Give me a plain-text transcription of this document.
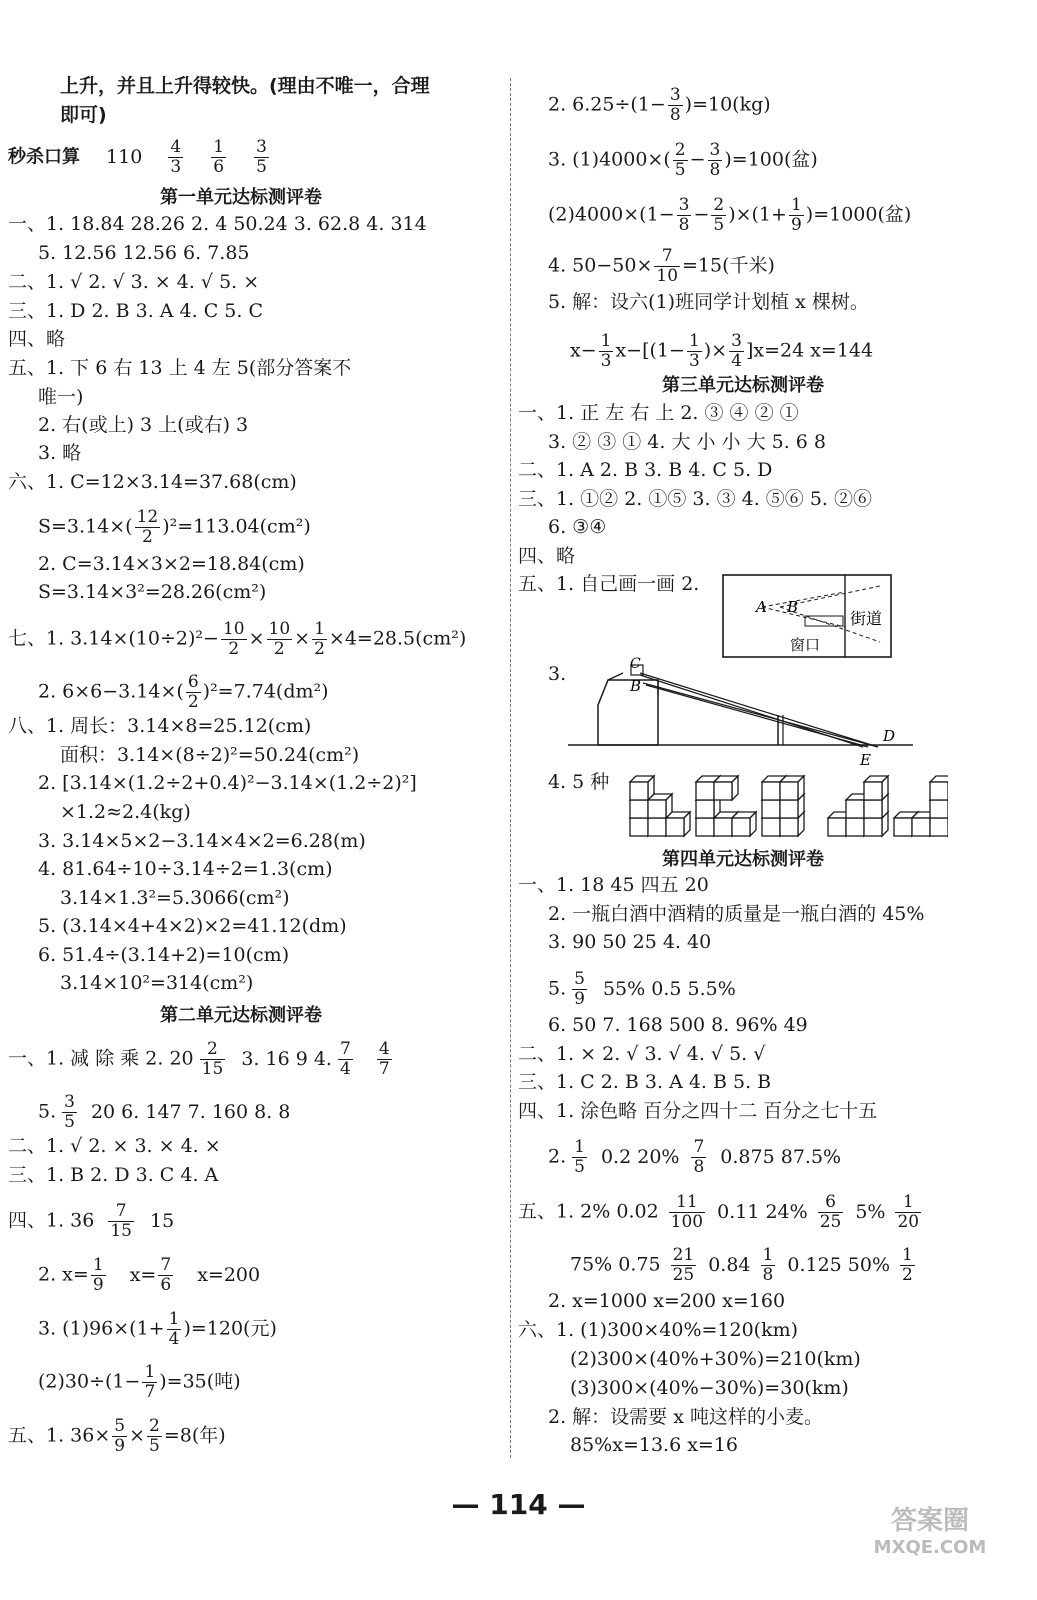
上升，并且上升得较快。(理由不唯一，合理
即可)
秒杀口算 $110 \frac{4}{3}$
$\frac{1}{6}$
$\frac{3}{5}$
第一单元达标测评卷
一、1. 18.84 28.26 2. 4 50.24 3. 62.8 4. 314
5. 12.56 12.56 6. 7.85
二、1. √ 2. √ 3. × 4. √ 5. ×
三、1. D 2. B 3. A 4. C 5. C
四、略
五、1. 下 6 右 13 上 4 左 5(部分答案不
唯一)
2. 右(或上) 3 上(或右) 3
3. 略
六、1. C=12×3.14=37.68(cm)
$S=3.14\times( \frac{12}{2} )^2=113.04(cm^2)$
2. C=3.14×3×2=18.84(cm)
S=3.14×3²=28.26(cm²)
七、1. $3.14\times(10\div 2)^2- \frac{10}{2} \times \frac{10}{2} \times \frac{1}{2} \times 4=28.5(cm^2)$
2. $6\times 6-3.14\times( \frac{6}{2} )^2=7.74(dm^2)$
八、1. 周长：3.14×8=25.12(cm)
面积：3.14×(8÷2)²=50.24(cm²)
2. [3.14×(1.2÷2+0.4)²−3.14×(1.2÷2)²]
×1.2≈2.4(kg)
3. 3.14×5×2−3.14×4×2=6.28(m)
4. 81.64÷10÷3.14÷2=1.3(cm)
3.14×1.3²=5.3066(cm²)
5. (3.14×4+4×2)×2=41.12(dm)
6. 51.4÷(3.14+2)=10(cm)
3.14×10²=314(cm²)
第二单元达标测评卷
一、1. 减 除 乘 2. $20 \frac{2}{15} 3$. 16 9 4. $\frac{7}{4}$
$\frac{4}{7}$
5. $\frac{3}{5} 20$ 6. 147 7. 160 8. 8
二、1. √ 2. × 3. × 4. ×
三、1. B 2. D 3. C 4. A
四、1. $36 \frac{7}{15} 15$
2. $x= \frac{1}{9} x= \frac{7}{6} x=200$
3. $(1)96\times(1+ \frac{1}{4} )=120$(元)
$(2)30\div(1- \frac{1}{7} )=35$(吨)
五、1. $36\times \frac{5}{9} \times \frac{2}{5} =8$(年)
2. $6.25\div(1- \frac{3}{8} )=10(kg)$
3. $(1)4000\times( \frac{2}{5} - \frac{3}{8} )=100$(盆)
$(2)4000\times(1- \frac{3}{8} - \frac{2}{5} )\times(1+ \frac{1}{9} )=1000$(盆)
4. $50-50\times \frac{7}{10} =15$(千米)
5. 解：设六(1)班同学计划植 x 棵树。
$x- \frac{1}{3} x-[(1- \frac{1}{3}$ )× $\frac{3}{4} ]x=24$ x=144
第三单元达标测评卷
一、1. 正 左 右 上 2. ③ ④ ② ①
3. ② ③ ① 4. 大 小 小 大 5. 6 8
二、1. A 2. B 3. B 4. C 5. D
三、1. ①② 2. ①⑤ 3. ③ 4. ⑤⑥ 5. ②⑥
6. ③④
四、略
五、1. 自己画一画 2.
A B
街道
窗口
3.
B
C
D
E
4. 5 种
第四单元达标测评卷
一、1. 18 45 四五 20
2. 一瓶白酒中酒精的质量是一瓶白酒的 45%
3. 90 50 25 4. 40
5. $\frac{5}{9} 55\%$ 0.5 5.5%
6. 50 7. 168 500 8. 96% 49
二、1. × 2. √ 3. √ 4. √ 5. √
三、1. C 2. B 3. A 4. B 5. B
四、1. 涂色略 百分之四十二 百分之七十五
2. $\frac{1}{5} 0.2$ $20\% \frac{7}{8} 0.875$ 87.5%
五、1. 2% $0.02 \frac{11}{100} 0.11$ $24\% \frac{6}{25} 5\% \frac{1}{20}$
75% $0.75 \frac{21}{25} 0.84 \frac{1}{8} 0.125$ $50\% \frac{1}{2}$
2. x=1000 x=200 x=160
六、1. (1)300×40%=120(km)
(2)300×(40%+30%)=210(km)
(3)300×(40%−30%)=30(km)
2. 解：设需要 x 吨这样的小麦。
85%x=13.6 x=16
— 114 —	答案圈
MXQE.COM
